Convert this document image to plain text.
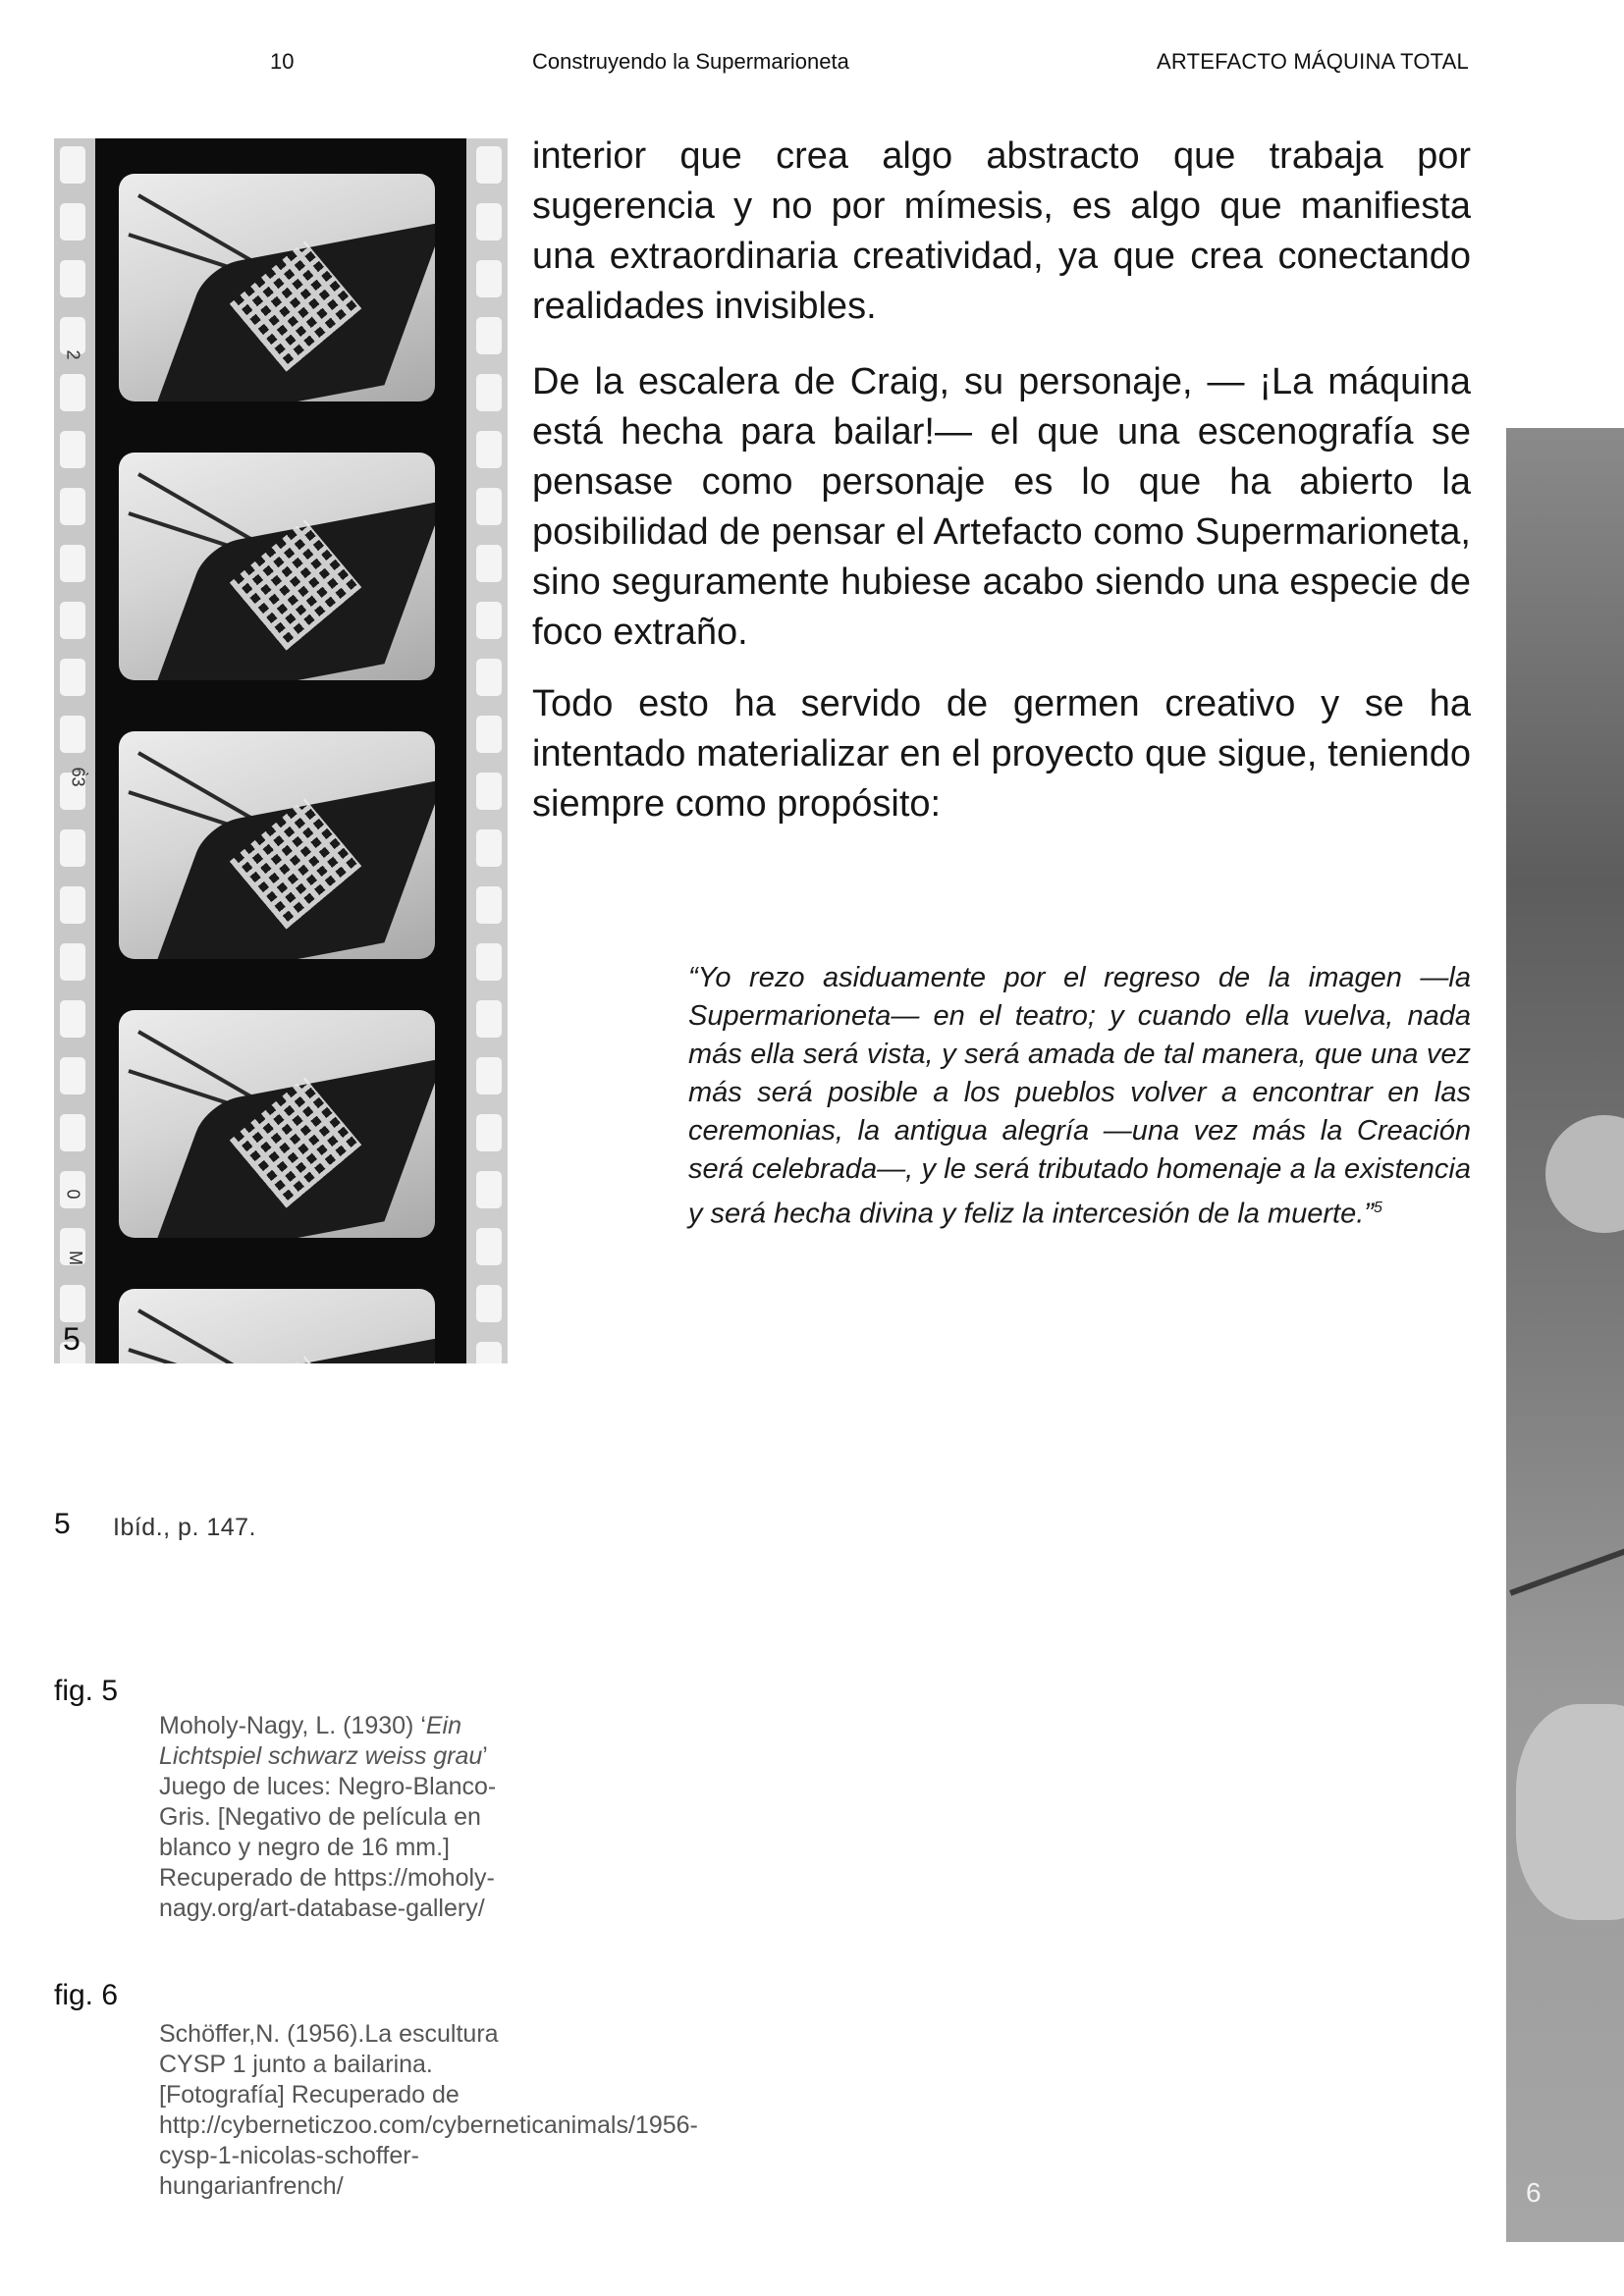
10	Construyendo la Supermarioneta	ARTEFACTO MÁQUINA TOTAL
2
6̀3
0
M
5
6

interior que crea algo abstracto que trabaja por sugerencia y no por mímesis, es algo que manifiesta una extraordinaria creatividad, ya que crea conectando realidades invisibles.

De la escalera de Craig, su personaje, — ¡La máquina está hecha para bailar!— el que una escenografía se pensase como personaje es lo que ha abierto la posibilidad de pensar el Artefacto como Supermarioneta, sino seguramente hubiese acabo siendo una especie de foco extraño.

Todo esto ha servido de germen creativo y se ha intentado materializar en el proyecto que sigue, teniendo siempre como propósito:

“Yo rezo asiduamente por el regreso de la imagen —la Supermarioneta— en el teatro; y cuando ella vuelva, nada más ella será vista, y será amada de tal manera, que una vez más será posible a los pueblos volver a encontrar en las ceremonias, la antigua alegría —una vez más la Creación será celebrada—, y le será tributado homenaje a la existencia y será hecha divina y feliz la intercesión de la muerte.”$^5$

5 Ibíd., p. 147.
fig. 5

Moholy-Nagy, L. (1930) ‘Ein Lichtspiel schwarz weiss grau’ Juego de luces: Negro-Blanco-Gris. [Negativo de película en blanco y negro de 16 mm.] Recuperado de https://moholy-nagy.org/art-database-gallery/

fig. 6

Schöffer,N. (1956).La escultura CYSP 1 junto a bailarina. [Fotografía] Recuperado de http://cyberneticzoo.com/cyberneticanimals/1956-cysp-1-nicolas-schoffer-hungarianfrench/
